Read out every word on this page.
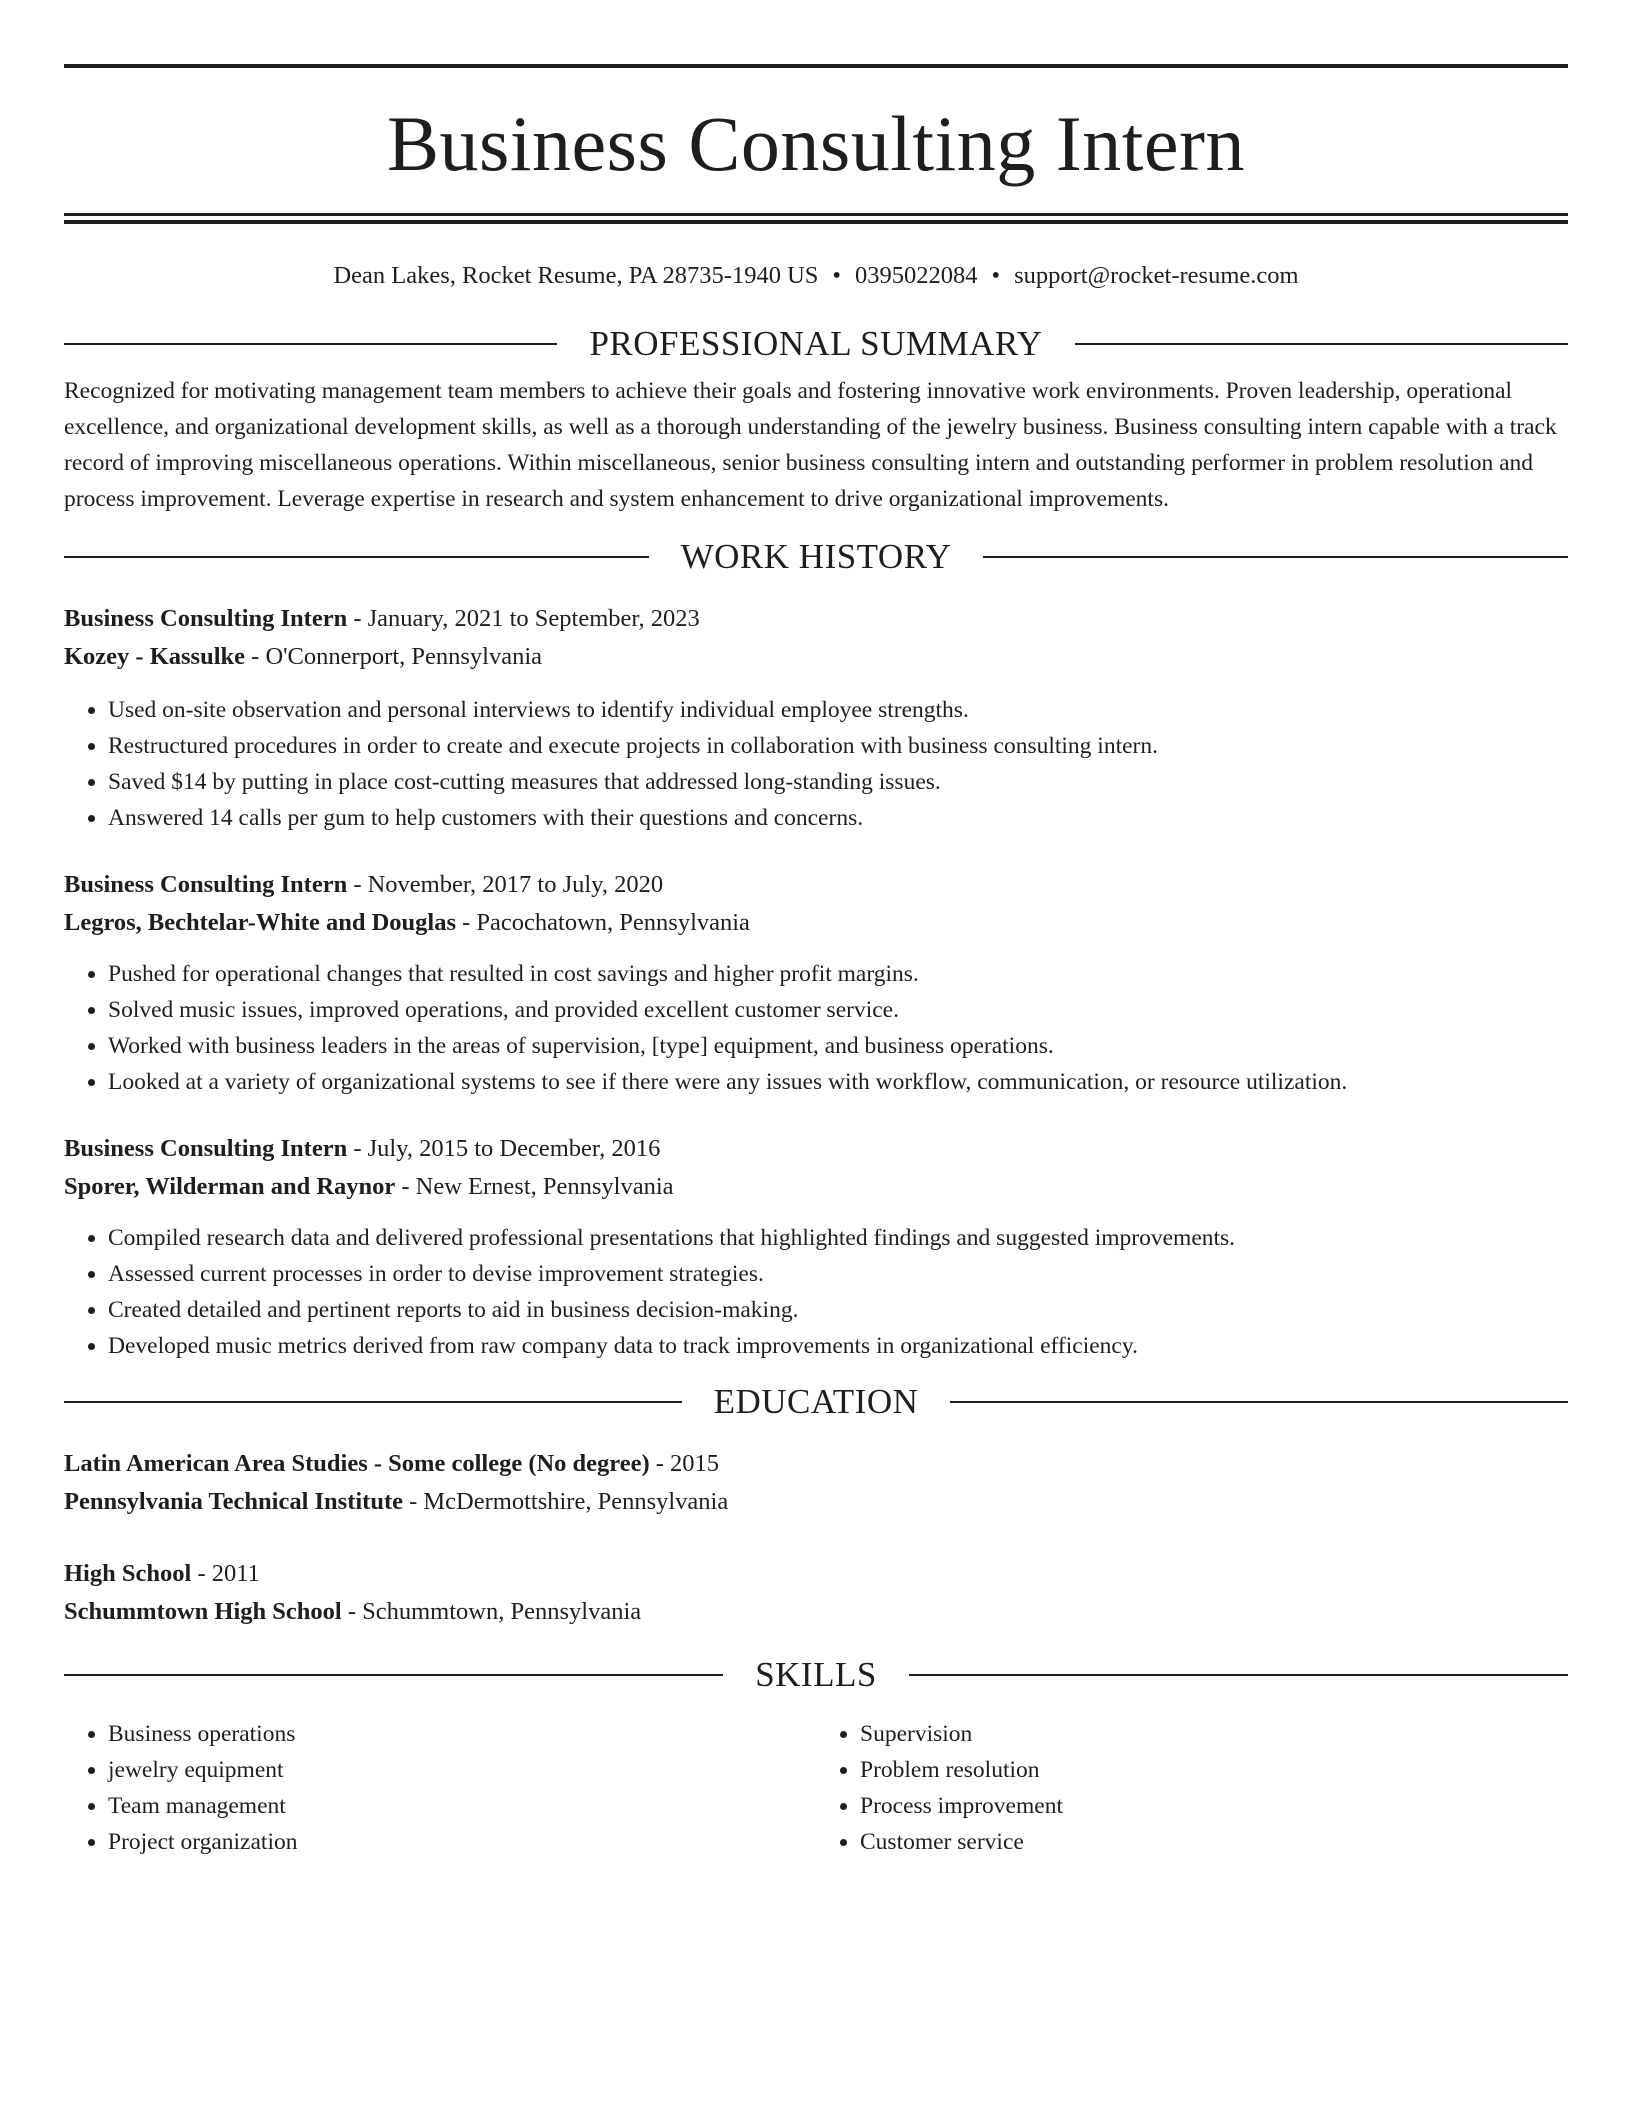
Business Consulting Intern
Dean Lakes, Rocket Resume, PA 28735-1940 US • 0395022084 • support@rocket-resume.com
PROFESSIONAL SUMMARY

Recognized for motivating management team members to achieve their goals and fostering innovative work environments. Proven leadership, operational excellence, and organizational development skills, as well as a thorough understanding of the jewelry business. Business consulting intern capable with a track record of improving miscellaneous operations. Within miscellaneous, senior business consulting intern and outstanding performer in problem resolution and process improvement. Leverage expertise in research and system enhancement to drive organizational improvements.

WORK HISTORY
Business Consulting Intern - January, 2021 to September, 2023
Kozey - Kassulke - O'Connerport, Pennsylvania
• Used on-site observation and personal interviews to identify individual employee strengths.
• Restructured procedures in order to create and execute projects in collaboration with business consulting intern.
• Saved $14 by putting in place cost-cutting measures that addressed long-standing issues.
• Answered 14 calls per gum to help customers with their questions and concerns.
Business Consulting Intern - November, 2017 to July, 2020
Legros, Bechtelar-White and Douglas - Pacochatown, Pennsylvania
• Pushed for operational changes that resulted in cost savings and higher profit margins.
• Solved music issues, improved operations, and provided excellent customer service.
• Worked with business leaders in the areas of supervision, [type] equipment, and business operations.
• Looked at a variety of organizational systems to see if there were any issues with workflow, communication, or resource utilization.
Business Consulting Intern - July, 2015 to December, 2016
Sporer, Wilderman and Raynor - New Ernest, Pennsylvania
• Compiled research data and delivered professional presentations that highlighted findings and suggested improvements.
• Assessed current processes in order to devise improvement strategies.
• Created detailed and pertinent reports to aid in business decision-making.
• Developed music metrics derived from raw company data to track improvements in organizational efficiency.
EDUCATION
Latin American Area Studies - Some college (No degree) - 2015
Pennsylvania Technical Institute - McDermottshire, Pennsylvania
High School - 2011
Schummtown High School - Schummtown, Pennsylvania
SKILLS
• Business operations
• jewelry equipment
• Team management
• Project organization
• Supervision
• Problem resolution
• Process improvement
• Customer service
